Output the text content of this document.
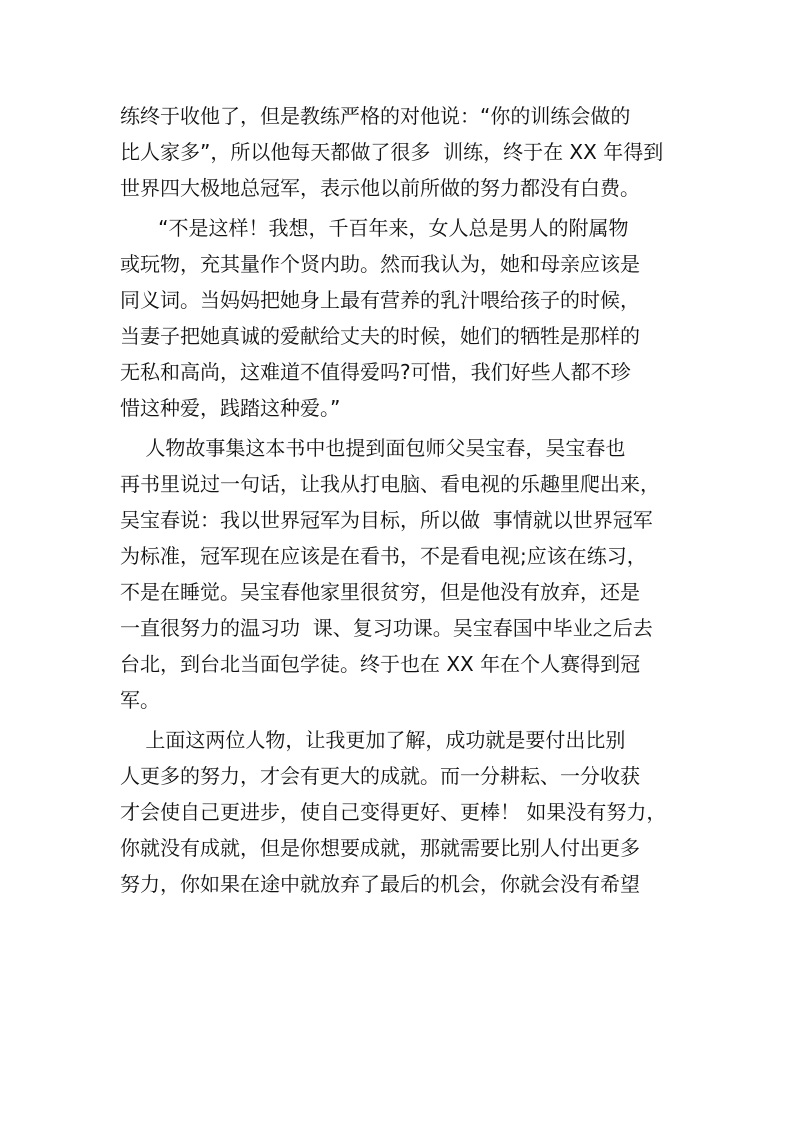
练终于收他了，但是教练严格的对他说：“你的训练会做的
比人家多”，所以他每天都做了很多  训练，终于在 XX 年得到
世界四大极地总冠军，表示他以前所做的努力都没有白费。
“不是这样！我想，千百年来，女人总是男人的附属物
或玩物，充其量作个贤内助。然而我认为，她和母亲应该是
同义词。当妈妈把她身上最有营养的乳汁喂给孩子的时候，
当妻子把她真诚的爱献给丈夫的时候，她们的牺牲是那样的
无私和高尚，这难道不值得爱吗?可惜，我们好些人都不珍
惜这种爱，践踏这种爱。”
人物故事集这本书中也提到面包师父吴宝春，吴宝春也
再书里说过一句话，让我从打电脑、看电视的乐趣里爬出来，
吴宝春说：我以世界冠军为目标，所以做  事情就以世界冠军
为标准，冠军现在应该是在看书，不是看电视;应该在练习，
不是在睡觉。吴宝春他家里很贫穷，但是他没有放弃，还是
一直很努力的温习功  课、复习功课。吴宝春国中毕业之后去
台北，到台北当面包学徒。终于也在 XX 年在个人赛得到冠
军。
上面这两位人物，让我更加了解，成功就是要付出比别
人更多的努力，才会有更大的成就。而一分耕耘、一分收获
才会使自己更进步，使自己变得更好、更棒！ 如果没有努力，
你就没有成就，但是你想要成就，那就需要比别人付出更多
努力，你如果在途中就放弃了最后的机会，你就会没有希望
